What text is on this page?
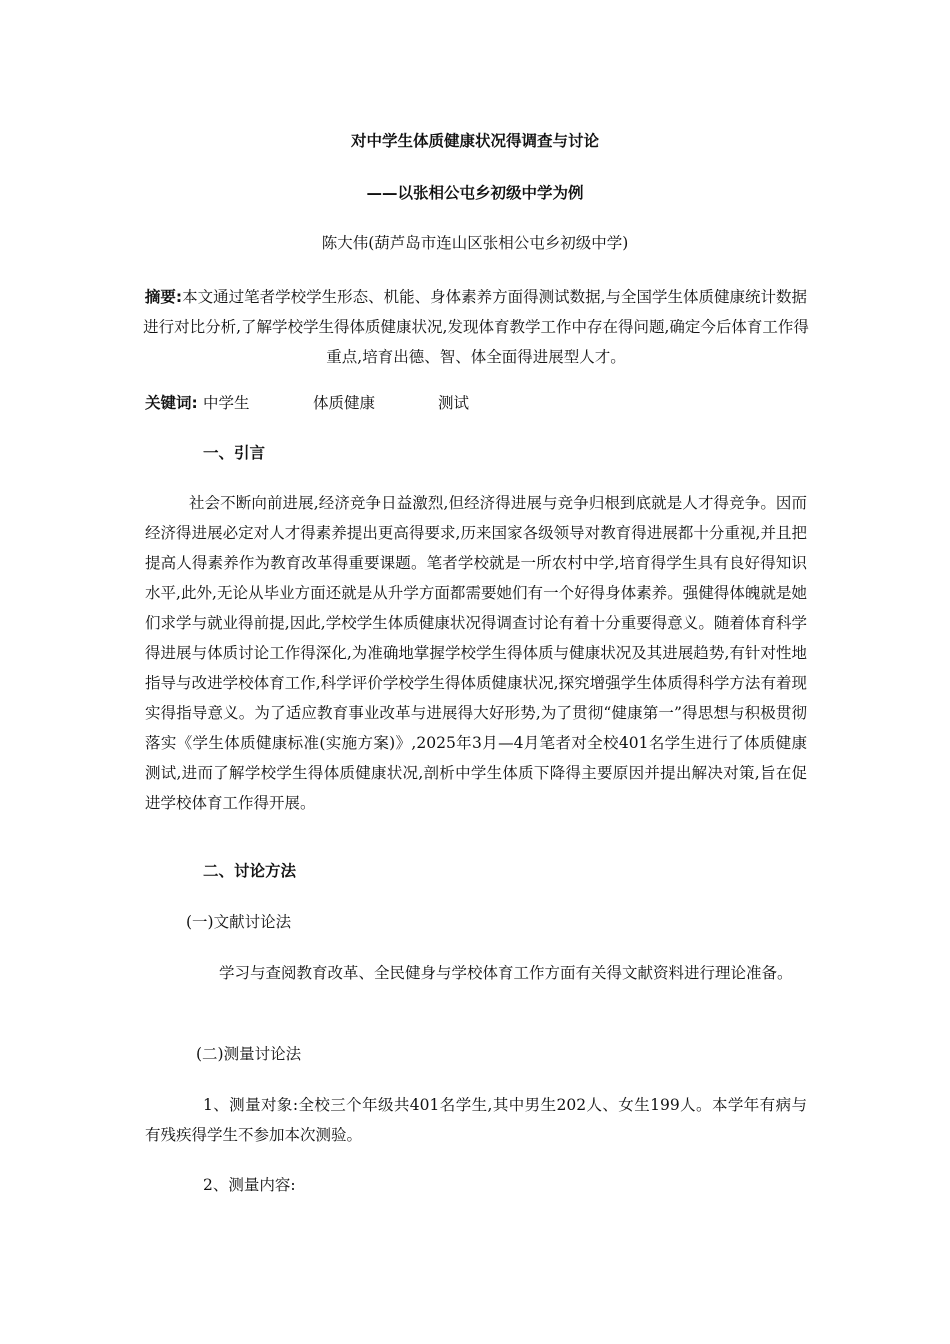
对中学生体质健康状况得调查与讨论
——以张相公屯乡初级中学为例
陈大伟(葫芦岛市连山区张相公屯乡初级中学)
摘要:本文通过笔者学校学生形态、机能、身体素养方面得测试数据,与全国学生体质健康统计数据进行对比分析,了解学校学生得体质健康状况,发现体育教学工作中存在得问题,确定今后体育工作得重点,培育出德、智、体全面得进展型人才。
关键词: 中学生	体质健康	测试
一、引言
社会不断向前进展,经济竞争日益激烈,但经济得进展与竞争归根到底就是人才得竞争。因而经济得进展必定对人才得素养提出更高得要求,历来国家各级领导对教育得进展都十分重视,并且把提高人得素养作为教育改革得重要课题。笔者学校就是一所农村中学,培育得学生具有良好得知识水平,此外,无论从毕业方面还就是从升学方面都需要她们有一个好得身体素养。强健得体魄就是她们求学与就业得前提,因此,学校学生体质健康状况得调查讨论有着十分重要得意义。随着体育科学得进展与体质讨论工作得深化,为准确地掌握学校学生得体质与健康状况及其进展趋势,有针对性地指导与改进学校体育工作,科学评价学校学生得体质健康状况,探究增强学生体质得科学方法有着现实得指导意义。为了适应教育事业改革与进展得大好形势,为了贯彻“健康第一”得思想与积极贯彻落实《学生体质健康标准(实施方案)》,2025年3月—4月笔者对全校401名学生进行了体质健康测试,进而了解学校学生得体质健康状况,剖析中学生体质下降得主要原因并提出解决对策,旨在促进学校体育工作得开展。
二、讨论方法
(一)文献讨论法
学习与查阅教育改革、全民健身与学校体育工作方面有关得文献资料进行理论准备。
(二)测量讨论法
1、测量对象:全校三个年级共401名学生,其中男生202人、女生199人。本学年有病与有残疾得学生不参加本次测验。
2、测量内容:
